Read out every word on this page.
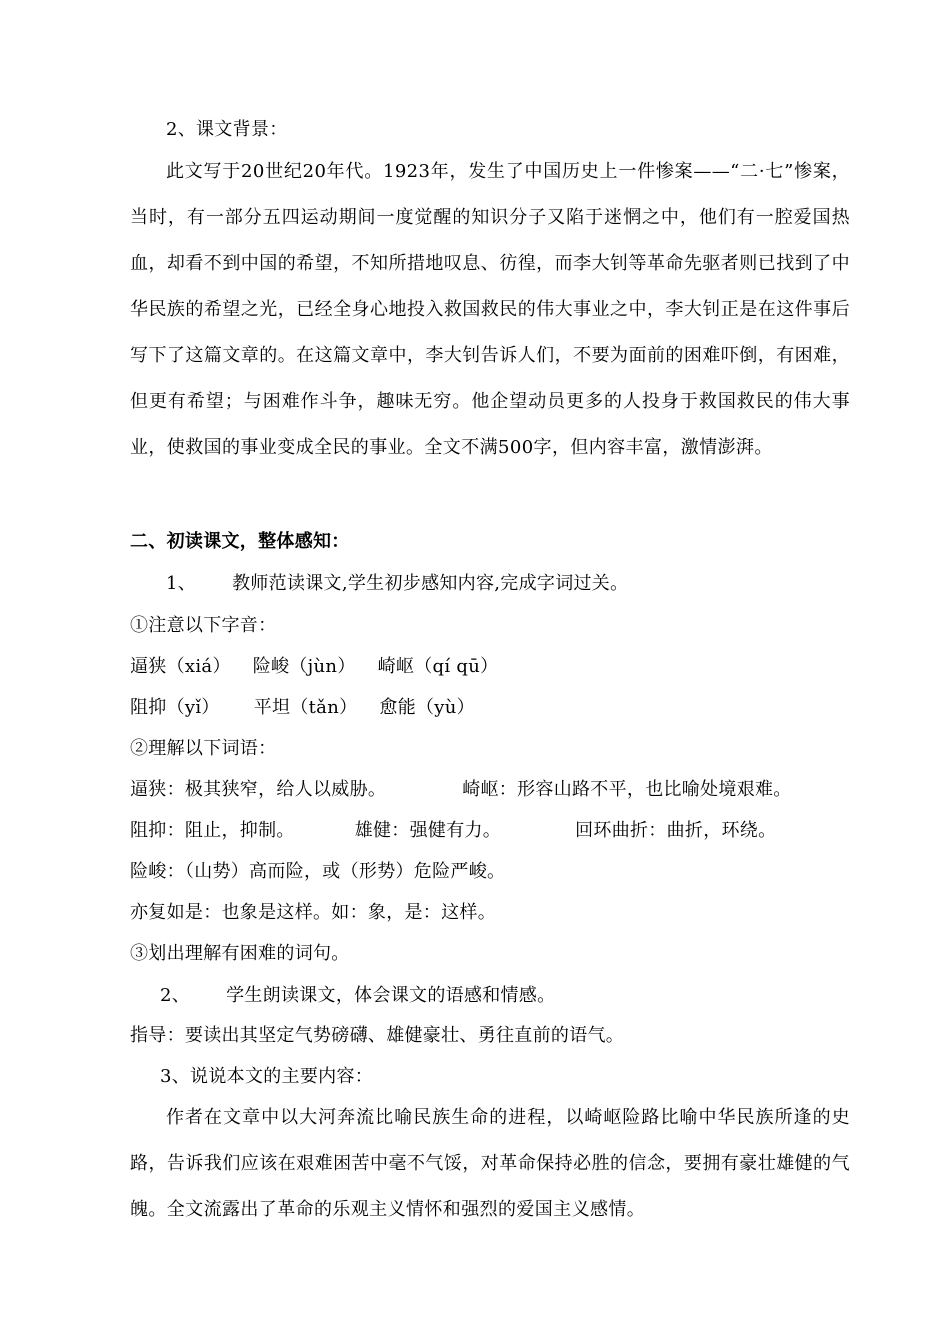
2、课文背景：
此文写于20世纪20年代。1923年，发生了中国历史上一件惨案——“二·七”惨案，当时，有一部分五四运动期间一度觉醒的知识分子又陷于迷惘之中，他们有一腔爱国热血，却看不到中国的希望，不知所措地叹息、彷徨，而李大钊等革命先驱者则已找到了中华民族的希望之光，已经全身心地投入救国救民的伟大事业之中，李大钊正是在这件事后写下了这篇文章的。在这篇文章中，李大钊告诉人们，不要为面前的困难吓倒，有困难，但更有希望；与困难作斗争，趣味无穷。他企望动员更多的人投身于救国救民的伟大事业，使救国的事业变成全民的事业。全文不满500字，但内容丰富，激情澎湃。
二、初读课文，整体感知：
1、 教师范读课文,学生初步感知内容,完成字词过关。
①注意以下字音：
逼狭（xiá） 险峻（jùn） 崎岖（qí qū）
阻抑（yǐ） 平坦（tǎn） 愈能（yù）
②理解以下词语：
逼狭：极其狭窄，给人以威胁。	崎岖：形容山路不平，也比喻处境艰难。
阻抑：阻止，抑制。	雄健：强健有力。	回环曲折：曲折，环绕。
险峻：（山势）高而险，或（形势）危险严峻。
亦复如是：也象是这样。如：象，是：这样。
③划出理解有困难的词句。
2、 学生朗读课文，体会课文的语感和情感。
指导：要读出其坚定气势磅礴、雄健豪壮、勇往直前的语气。
3、说说本文的主要内容：
作者在文章中以大河奔流比喻民族生命的进程，以崎岖险路比喻中华民族所逢的史路，告诉我们应该在艰难困苦中毫不气馁，对革命保持必胜的信念，要拥有豪壮雄健的气魄。全文流露出了革命的乐观主义情怀和强烈的爱国主义感情。
